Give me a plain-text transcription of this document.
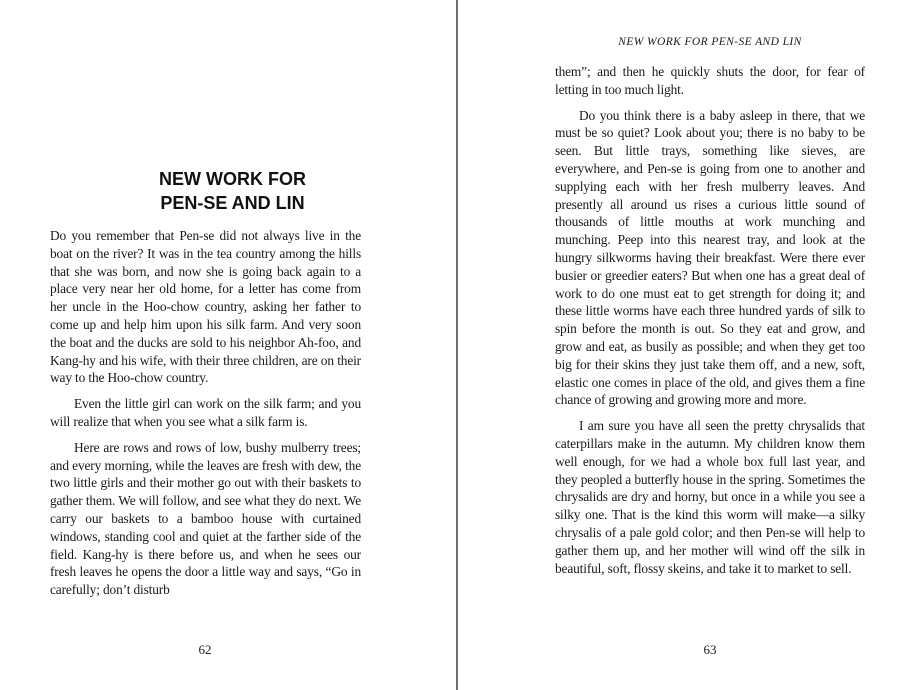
NEW WORK FOR
PEN-SE AND LIN

Do you remember that Pen-se did not always live in the boat on the river? It was in the tea country among the hills that she was born, and now she is going back again to a place very near her old home, for a letter has come from her uncle in the Hoo-chow country, asking her father to come up and help him upon his silk farm. And very soon the boat and the ducks are sold to his neighbor Ah-foo, and Kang-hy and his wife, with their three children, are on their way to the Hoo-chow country.

Even the little girl can work on the silk farm; and you will realize that when you see what a silk farm is.

Here are rows and rows of low, bushy mulberry trees; and every morning, while the leaves are fresh with dew, the two little girls and their mother go out with their baskets to gather them. We will follow, and see what they do next. We carry our baskets to a bamboo house with curtained windows, standing cool and quiet at the farther side of the field. Kang-hy is there before us, and when he sees our fresh leaves he opens the door a little way and says, “Go in carefully; don’t disturb

62
NEW WORK FOR PEN-SE AND LIN

them”; and then he quickly shuts the door, for fear of letting in too much light.

Do you think there is a baby asleep in there, that we must be so quiet? Look about you; there is no baby to be seen. But little trays, something like sieves, are everywhere, and Pen-se is going from one to another and supplying each with her fresh mulberry leaves. And presently all around us rises a curious little sound of thousands of little mouths at work munching and munching. Peep into this nearest tray, and look at the hungry silkworms having their breakfast. Were there ever busier or greedier eaters? But when one has a great deal of work to do one must eat to get strength for doing it; and these little worms have each three hundred yards of silk to spin before the month is out. So they eat and grow, and grow and eat, as busily as possible; and when they get too big for their skins they just take them off, and a new, soft, elastic one comes in place of the old, and gives them a fine chance of growing and growing more and more.

I am sure you have all seen the pretty chrysalids that caterpillars make in the autumn. My children know them well enough, for we had a whole box full last year, and they peopled a butterfly house in the spring. Sometimes the chrysalids are dry and horny, but once in a while you see a silky one. That is the kind this worm will make—a silky chrysalis of a pale gold color; and then Pen-se will help to gather them up, and her mother will wind off the silk in beautiful, soft, flossy skeins, and take it to market to sell.

63
